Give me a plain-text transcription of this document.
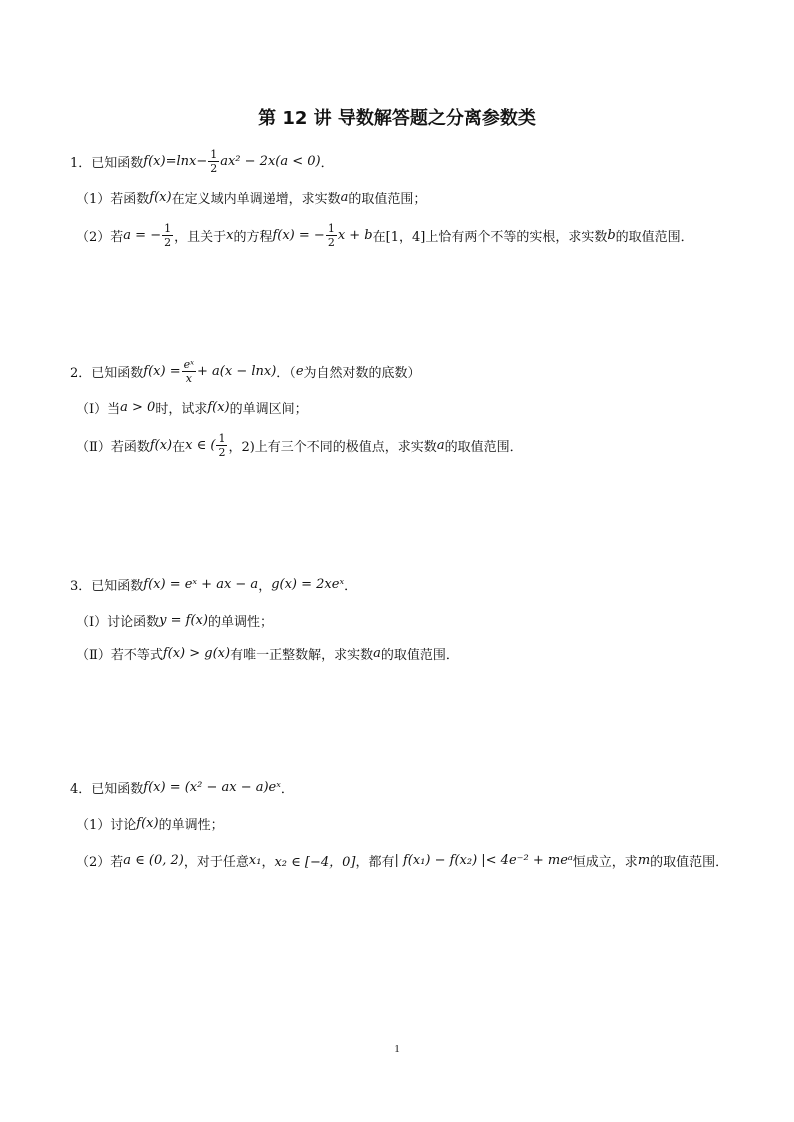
第 12 讲 导数解答题之分离参数类
1．已知函数 $f(x)=\ln x- \frac{1}{2} ax^2 - 2x(a < 0)$ ．
（1）若函数 f(x) 在定义域内单调递增，求实数 a 的取值范围；
（2）若 a = − $\frac{1}{2}$ ，且关于 x 的方程 f(x) = − $\frac{1}{2}$ x + b 在 [1，4] 上恰有两个不等的实根，求实数 b 的取值范围．
2．已知函数 $f(x) = \frac{\text{eˣ}}{x} + a(x - \ln x)$ ．（ e 为自然对数的底数）
（Ⅰ）当 a > 0 时，试求 f(x) 的单调区间；
（Ⅱ）若函数 f(x) 在 x ∈ ( $\frac{1}{2}$ ，2) 上有三个不同的极值点，求实数 a 的取值范围．
3．已知函数 f(x) = eˣ + ax − a ， g(x) = 2xeˣ ．
（Ⅰ）讨论函数 y = f(x) 的单调性；
（Ⅱ）若不等式 f(x) > g(x) 有唯一正整数解，求实数 a 的取值范围．
4．已知函数 f(x) = (x² − ax − a)eˣ ．
（1）讨论 f(x) 的单调性；
（2）若 a ∈ (0, 2) ，对于任意 x₁ ， x₂ ∈ [−4，0] ，都有 | f(x₁) − f(x₂) |< 4e⁻² + meᵃ 恒成立，求 m 的取值范围．
1
